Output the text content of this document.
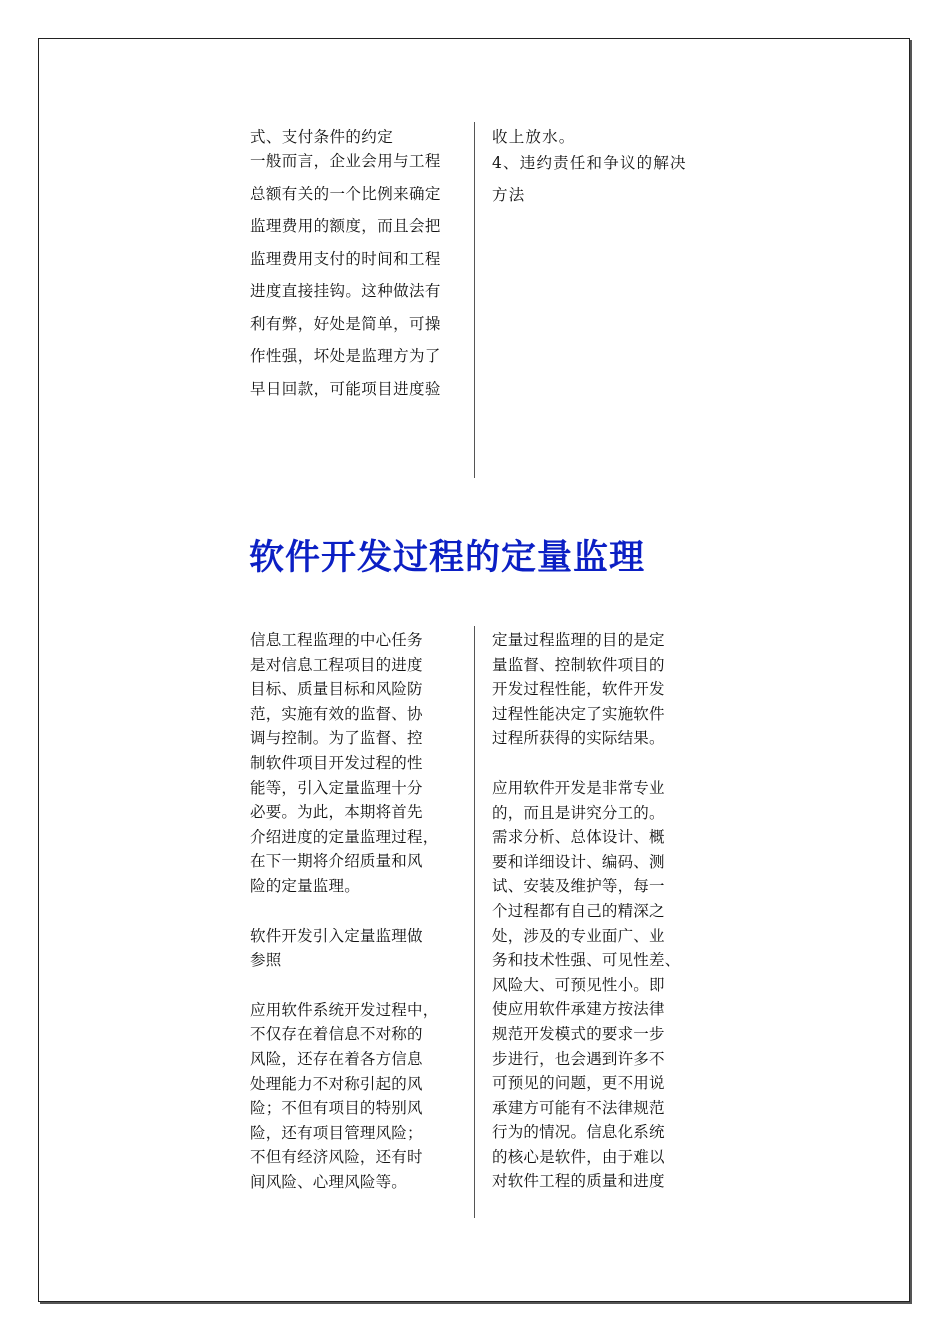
式、支付条件的约定
一般而言，企业会用与工程
总额有关的一个比例来确定
监理费用的额度，而且会把
监理费用支付的时间和工程
进度直接挂钩。这种做法有
利有弊，好处是简单，可操
作性强，坏处是监理方为了
早日回款，可能项目进度验
收上放水。
4、违约责任和争议的解决
方法
软件开发过程的定量监理
信息工程监理的中心任务
是对信息工程项目的进度
目标、质量目标和风险防
范，实施有效的监督、协
调与控制。为了监督、控
制软件项目开发过程的性
能等，引入定量监理十分
必要。为此，本期将首先
介绍进度的定量监理过程，
在下一期将介绍质量和风
险的定量监理。
软件开发引入定量监理做
参照
应用软件系统开发过程中，
不仅存在着信息不对称的
风险，还存在着各方信息
处理能力不对称引起的风
险；不但有项目的特别风
险，还有项目管理风险；
不但有经济风险，还有时
间风险、心理风险等。
定量过程监理的目的是定
量监督、控制软件项目的
开发过程性能，软件开发
过程性能决定了实施软件
过程所获得的实际结果。
应用软件开发是非常专业
的，而且是讲究分工的。
需求分析、总体设计、概
要和详细设计、编码、测
试、安装及维护等，每一
个过程都有自己的精深之
处，涉及的专业面广、业
务和技术性强、可见性差、
风险大、可预见性小。即
使应用软件承建方按法律
规范开发模式的要求一步
步进行，也会遇到许多不
可预见的问题，更不用说
承建方可能有不法律规范
行为的情况。信息化系统
的核心是软件，由于难以
对软件工程的质量和进度
